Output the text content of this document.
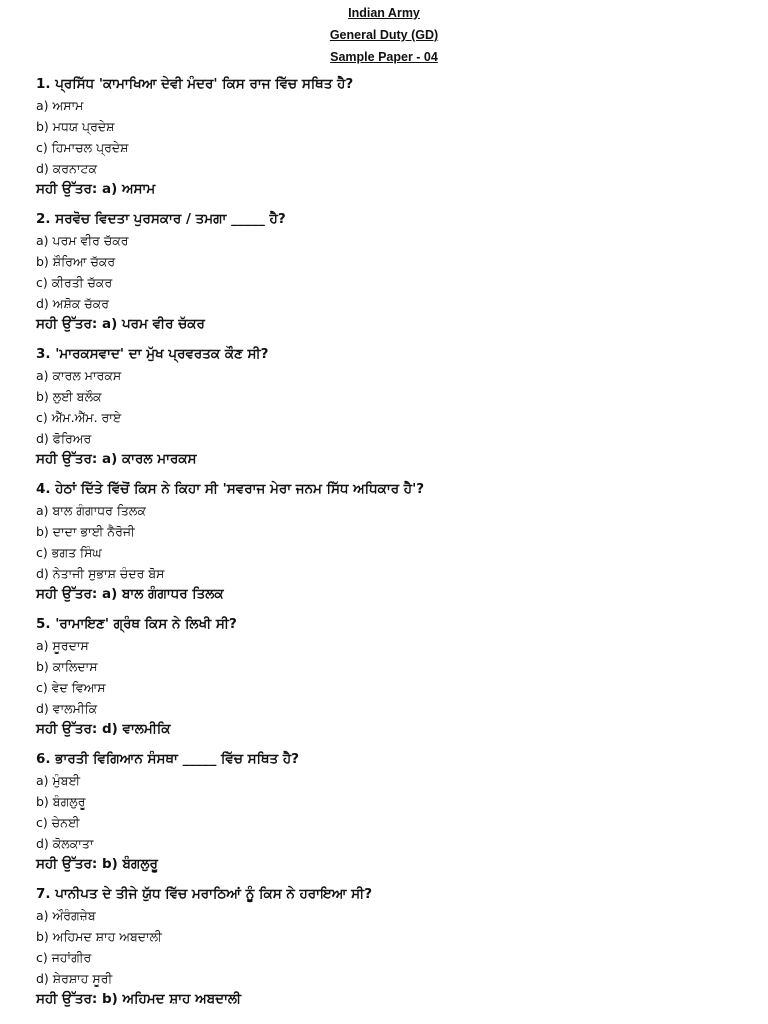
Indian Army
General Duty (GD)
Sample Paper - 04
1. ਪ੍ਰਸਿੱਧ 'ਕਾਮਾਖਿਆ ਦੇਵੀ ਮੰਦਰ' ਕਿਸ ਰਾਜ ਵਿੱਚ ਸਥਿਤ ਹੈ?
a) ਅਸਾਮ
b) ਮਧਯ ਪ੍ਰਦੇਸ਼
c) ਹਿਮਾਚਲ ਪ੍ਰਦੇਸ਼
d) ਕਰਨਾਟਕ
ਸਹੀ ਉੱਤਰ: a) ਅਸਾਮ
2. ਸਰਵੋਚ ਵਿਦਤਾ ਪੁਰਸਕਾਰ / ਤਮਗਾ _____ ਹੈ?
a) ਪਰਮ ਵੀਰ ਚੱਕਰ
b) ਸ਼ੌਰਿਆ ਚੱਕਰ
c) ਕੀਰਤੀ ਚੱਕਰ
d) ਅਸ਼ੋਕ ਚੱਕਰ
ਸਹੀ ਉੱਤਰ: a) ਪਰਮ ਵੀਰ ਚੱਕਰ
3. 'ਮਾਰਕਸਵਾਦ' ਦਾ ਮੁੱਖ ਪ੍ਰਵਰਤਕ ਕੌਣ ਸੀ?
a) ਕਾਰਲ ਮਾਰਕਸ
b) ਲੁਈ ਬਲੌਕ
c) ਐੱਮ.ਐੱਮ. ਰਾਏ
d) ਫੋਰਿਅਰ
ਸਹੀ ਉੱਤਰ: a) ਕਾਰਲ ਮਾਰਕਸ
4. ਹੇਠਾਂ ਦਿੱਤੇ ਵਿੱਚੋਂ ਕਿਸ ਨੇ ਕਿਹਾ ਸੀ 'ਸਵਰਾਜ ਮੇਰਾ ਜਨਮ ਸਿੱਧ ਅਧਿਕਾਰ ਹੈ'?
a) ਬਾਲ ਗੰਗਾਧਰ ਤਿਲਕ
b) ਦਾਦਾ ਭਾਈ ਨੈਰੋਜੀ
c) ਭਗਤ ਸਿੰਘ
d) ਨੇਤਾਜੀ ਸੁਭਾਸ਼ ਚੰਦਰ ਬੋਸ
ਸਹੀ ਉੱਤਰ: a) ਬਾਲ ਗੰਗਾਧਰ ਤਿਲਕ
5. 'ਰਾਮਾਇਣ' ਗ੍ਰੰਥ ਕਿਸ ਨੇ ਲਿਖੀ ਸੀ?
a) ਸੂਰਦਾਸ
b) ਕਾਲਿਦਾਸ
c) ਵੇਦ ਵਿਆਸ
d) ਵਾਲਮੀਕਿ
ਸਹੀ ਉੱਤਰ: d) ਵਾਲਮੀਕਿ
6. ਭਾਰਤੀ ਵਿਗਿਆਨ ਸੰਸਥਾ _____ ਵਿੱਚ ਸਥਿਤ ਹੈ?
a) ਮੁੰਬਈ
b) ਬੰਗਲੁਰੂ
c) ਚੇਨਈ
d) ਕੋਲਕਾਤਾ
ਸਹੀ ਉੱਤਰ: b) ਬੰਗਲੁਰੂ
7. ਪਾਨੀਪਤ ਦੇ ਤੀਜੇ ਯੁੱਧ ਵਿੱਚ ਮਰਾਠਿਆਂ ਨੂੰ ਕਿਸ ਨੇ ਹਰਾਇਆ ਸੀ?
a) ਔਰੰਗਜ਼ੇਬ
b) ਅਹਿਮਦ ਸ਼ਾਹ ਅਬਦਾਲੀ
c) ਜਹਾਂਗੀਰ
d) ਸ਼ੇਰਸ਼ਾਹ ਸੂਰੀ
ਸਹੀ ਉੱਤਰ: b) ਅਹਿਮਦ ਸ਼ਾਹ ਅਬਦਾਲੀ
